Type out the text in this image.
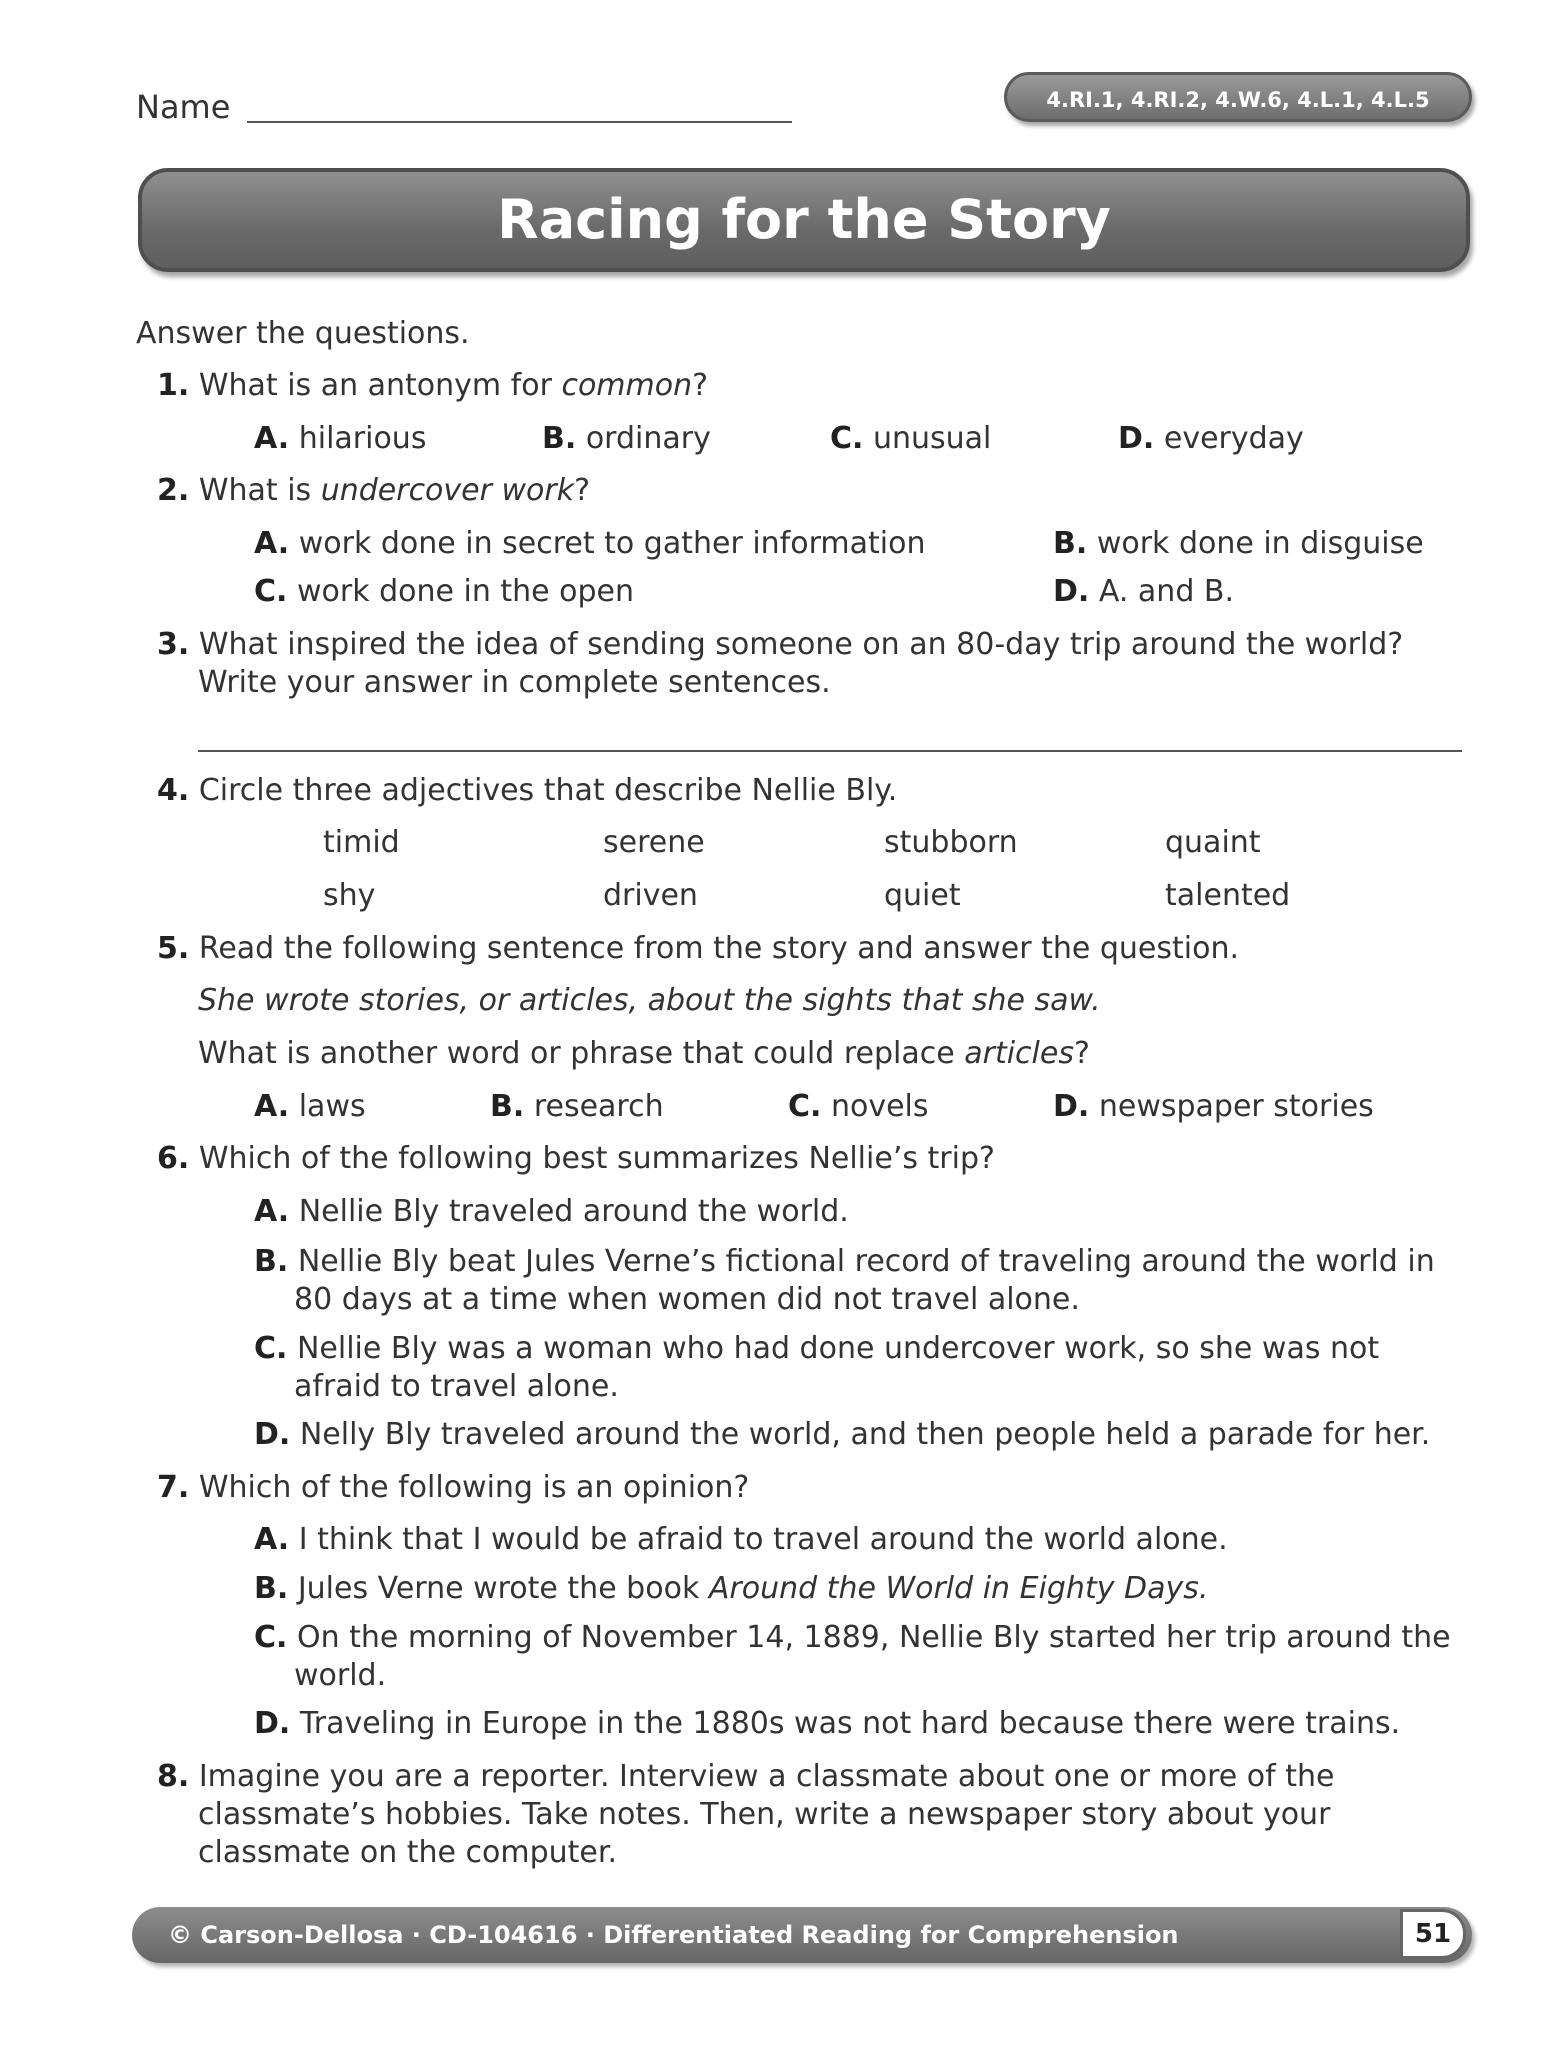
Name	4.RI.1, 4.RI.2, 4.W.6, 4.L.1, 4.L.5
Racing for the Story
Answer the questions.
1. What is an antonym for common?
A. hilarious	B. ordinary	C. unusual	D. everyday
2. What is undercover work?
A. work done in secret to gather information	B. work done in disguise
C. work done in the open	D. A. and B.
3. What inspired the idea of sending someone on an 80-day trip around the world?
Write your answer in complete sentences.
4. Circle three adjectives that describe Nellie Bly.
timid	serene	stubborn	quaint
shy	driven	quiet	talented
5. Read the following sentence from the story and answer the question.
She wrote stories, or articles, about the sights that she saw.
What is another word or phrase that could replace articles?
A. laws	B. research	C. novels	D. newspaper stories
6. Which of the following best summarizes Nellie’s trip?
A. Nellie Bly traveled around the world.
B. Nellie Bly beat Jules Verne’s fictional record of traveling around the world in
80 days at a time when women did not travel alone.
C. Nellie Bly was a woman who had done undercover work, so she was not
afraid to travel alone.
D. Nelly Bly traveled around the world, and then people held a parade for her.
7. Which of the following is an opinion?
A. I think that I would be afraid to travel around the world alone.
B. Jules Verne wrote the book Around the World in Eighty Days.
C. On the morning of November 14, 1889, Nellie Bly started her trip around the
world.
D. Traveling in Europe in the 1880s was not hard because there were trains.
8. Imagine you are a reporter. Interview a classmate about one or more of the
classmate’s hobbies. Take notes. Then, write a newspaper story about your
classmate on the computer.
© Carson-Dellosa · CD-104616 · Differentiated Reading for Comprehension	51
